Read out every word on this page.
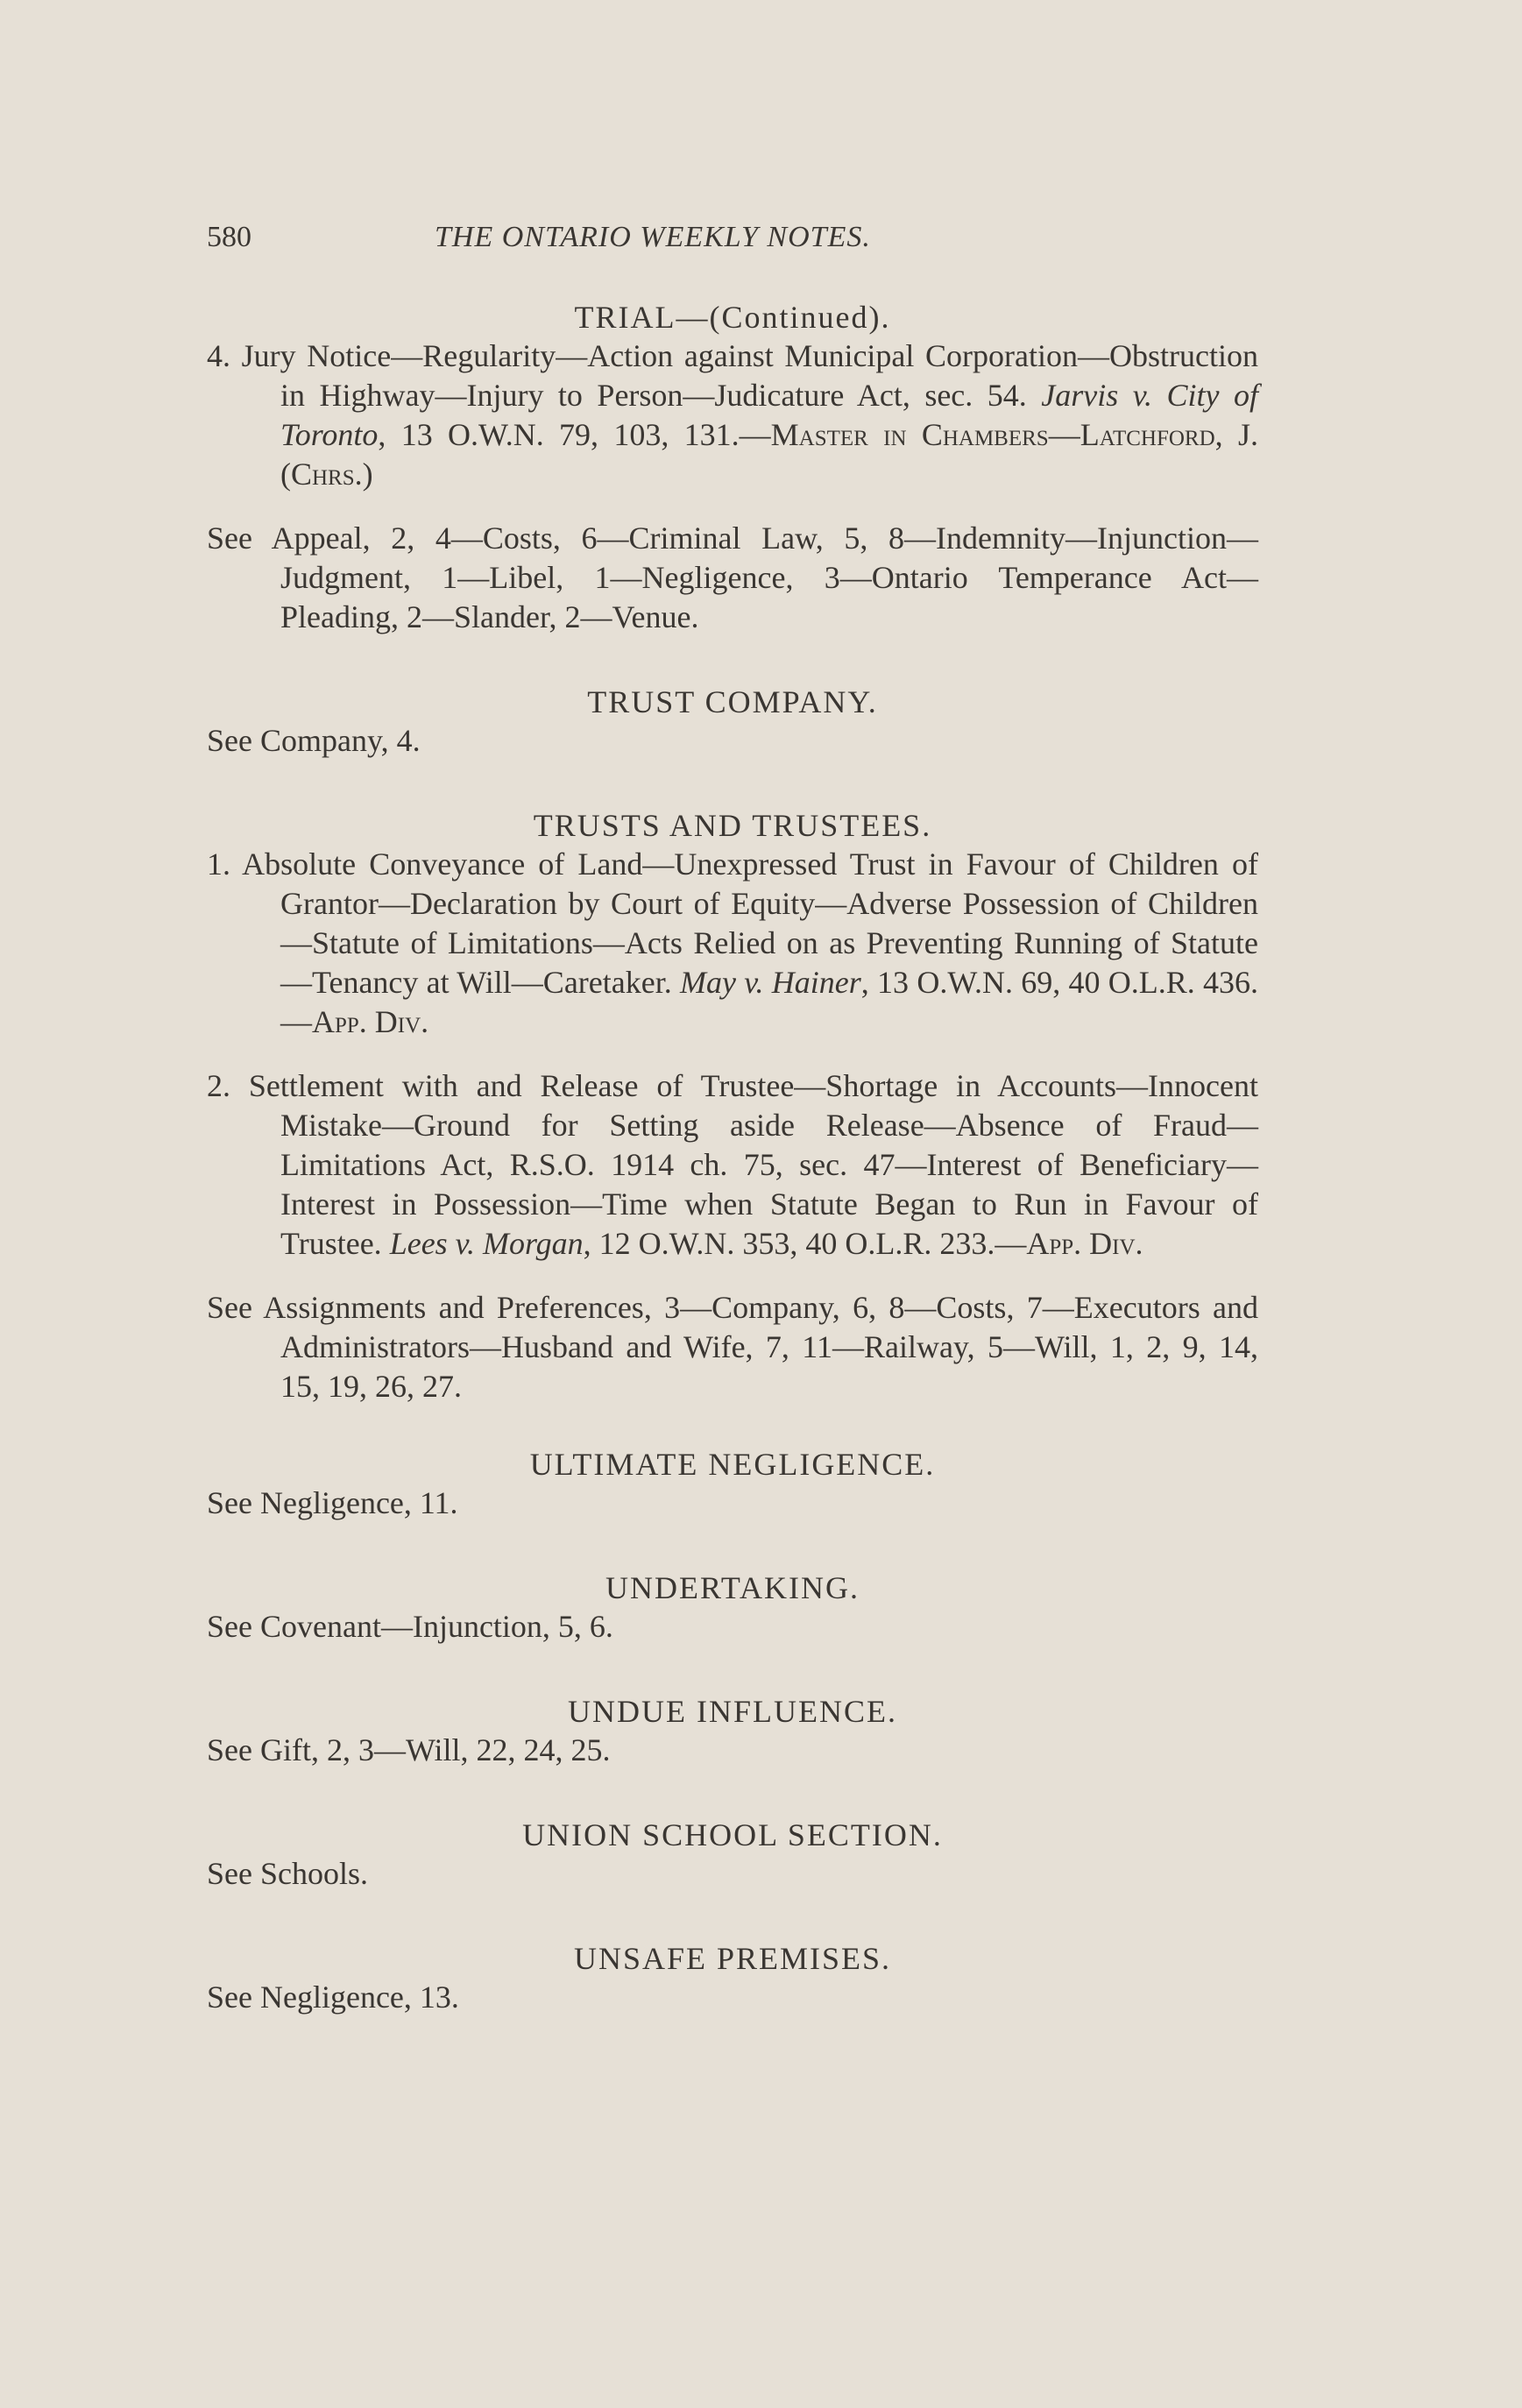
580	THE ONTARIO WEEKLY NOTES.
TRIAL—(Continued).
4. Jury Notice—Regularity—Action against Municipal Corporation—Obstruction in Highway—Injury to Person—Judicature Act, sec. 54. Jarvis v. City of Toronto, 13 O.W.N. 79, 103, 131.—Master in Chambers—Latchford, J.(Chrs.)
See Appeal, 2, 4—Costs, 6—Criminal Law, 5, 8—Indemnity—Injunction—Judgment, 1—Libel, 1—Negligence, 3—Ontario Temperance Act—Pleading, 2—Slander, 2—Venue.
TRUST COMPANY.
See Company, 4.
TRUSTS AND TRUSTEES.
1. Absolute Conveyance of Land—Unexpressed Trust in Favour of Children of Grantor—Declaration by Court of Equity—Adverse Possession of Children—Statute of Limitations—Acts Relied on as Preventing Running of Statute—Tenancy at Will—Caretaker. May v. Hainer, 13 O.W.N. 69, 40 O.L.R. 436.—App. Div.
2. Settlement with and Release of Trustee—Shortage in Accounts—Innocent Mistake—Ground for Setting aside Release—Absence of Fraud—Limitations Act, R.S.O. 1914 ch. 75, sec. 47—Interest of Beneficiary—Interest in Possession—Time when Statute Began to Run in Favour of Trustee. Lees v. Morgan, 12 O.W.N. 353, 40 O.L.R. 233.—App. Div.
See Assignments and Preferences, 3—Company, 6, 8—Costs, 7—Executors and Administrators—Husband and Wife, 7, 11—Railway, 5—Will, 1, 2, 9, 14, 15, 19, 26, 27.
ULTIMATE NEGLIGENCE.
See Negligence, 11.
UNDERTAKING.
See Covenant—Injunction, 5, 6.
UNDUE INFLUENCE.
See Gift, 2, 3—Will, 22, 24, 25.
UNION SCHOOL SECTION.
See Schools.
UNSAFE PREMISES.
See Negligence, 13.
